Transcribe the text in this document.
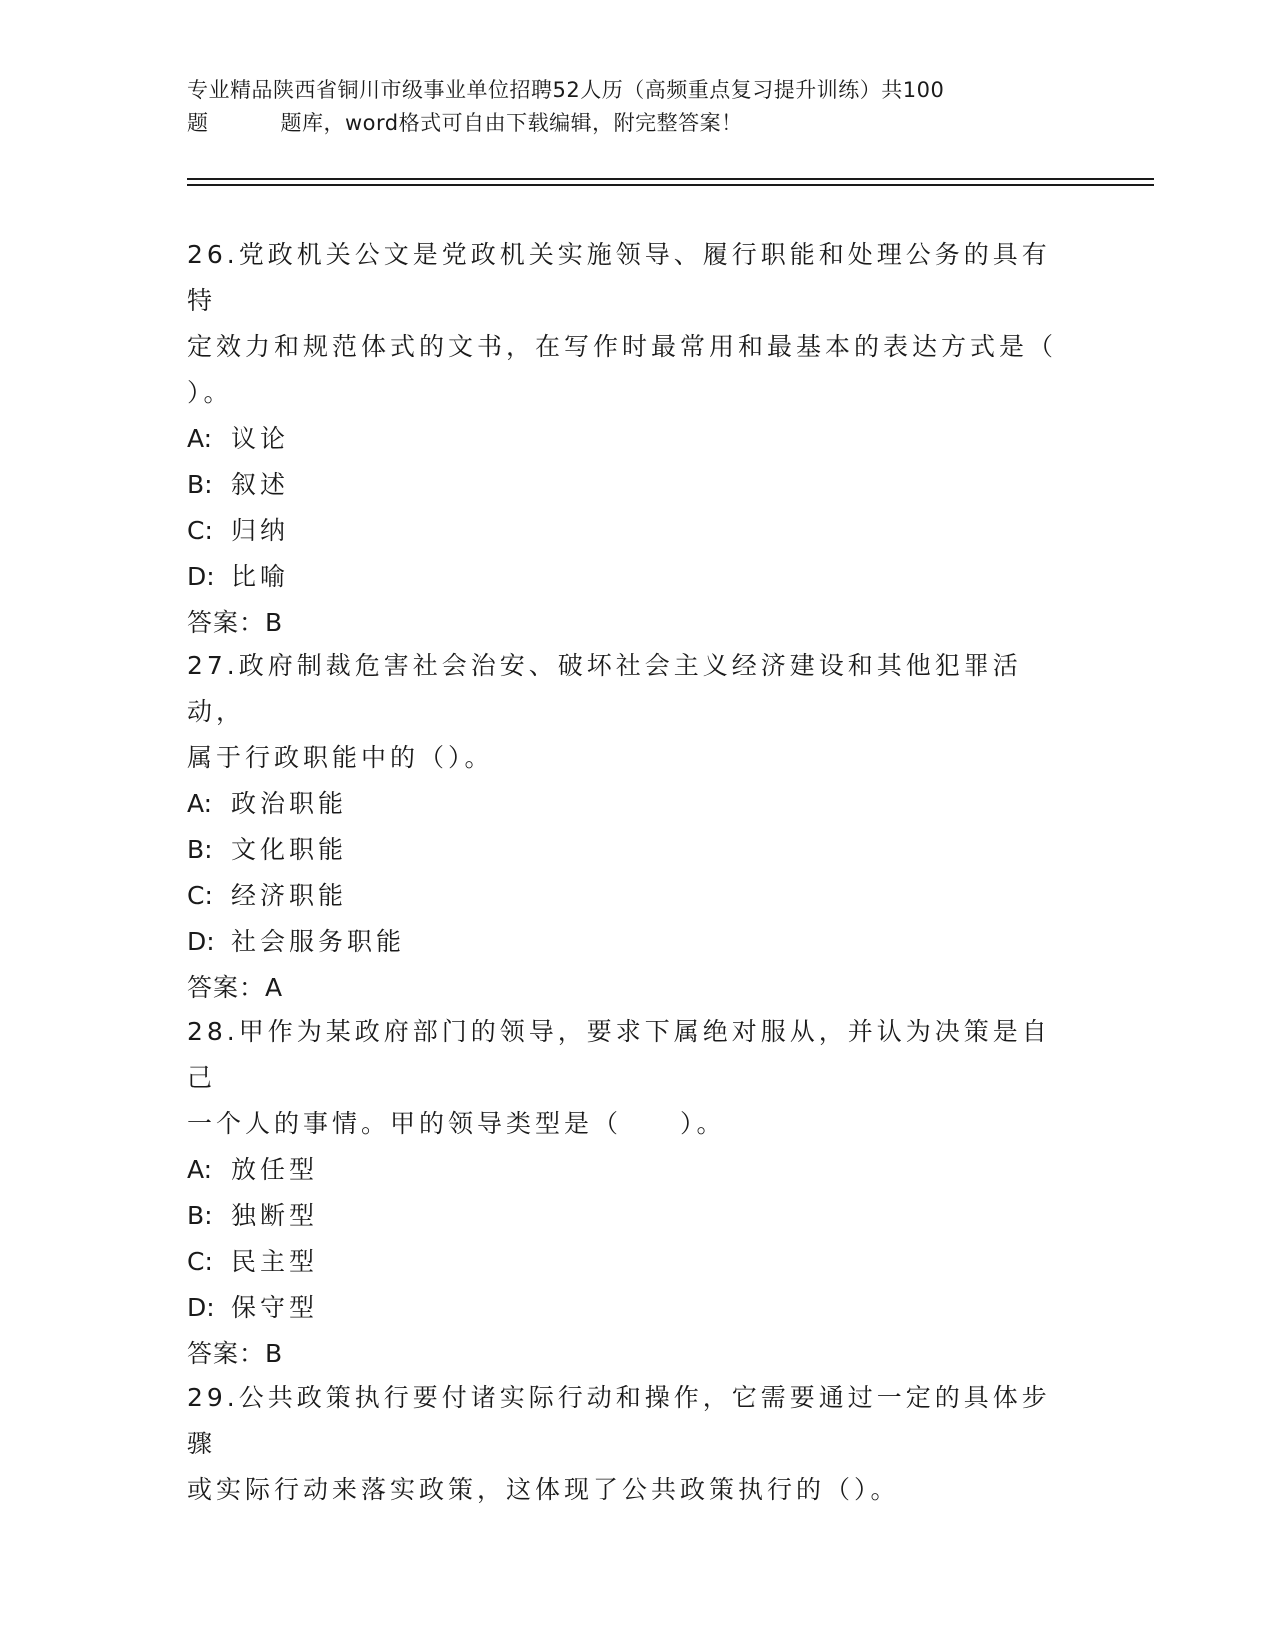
专业精品陕西省铜川市级事业单位招聘52人历（高频重点复习提升训练）共100
题	题库，word格式可自由下载编辑，附完整答案！
26.党政机关公文是党政机关实施领导、履行职能和处理公务的具有特
定效力和规范体式的文书，在写作时最常用和最基本的表达方式是（
）。
A: 议论
B: 叙述
C: 归纳
D: 比喻
答案：B
27.政府制裁危害社会治安、破坏社会主义经济建设和其他犯罪活动，
属于行政职能中的（）。
A: 政治职能
B: 文化职能
C: 经济职能
D: 社会服务职能
答案：A
28.甲作为某政府部门的领导，要求下属绝对服从，并认为决策是自己
一个人的事情。甲的领导类型是（　　）。
A: 放任型
B: 独断型
C: 民主型
D: 保守型
答案：B
29.公共政策执行要付诸实际行动和操作，它需要通过一定的具体步骤
或实际行动来落实政策，这体现了公共政策执行的（）。
